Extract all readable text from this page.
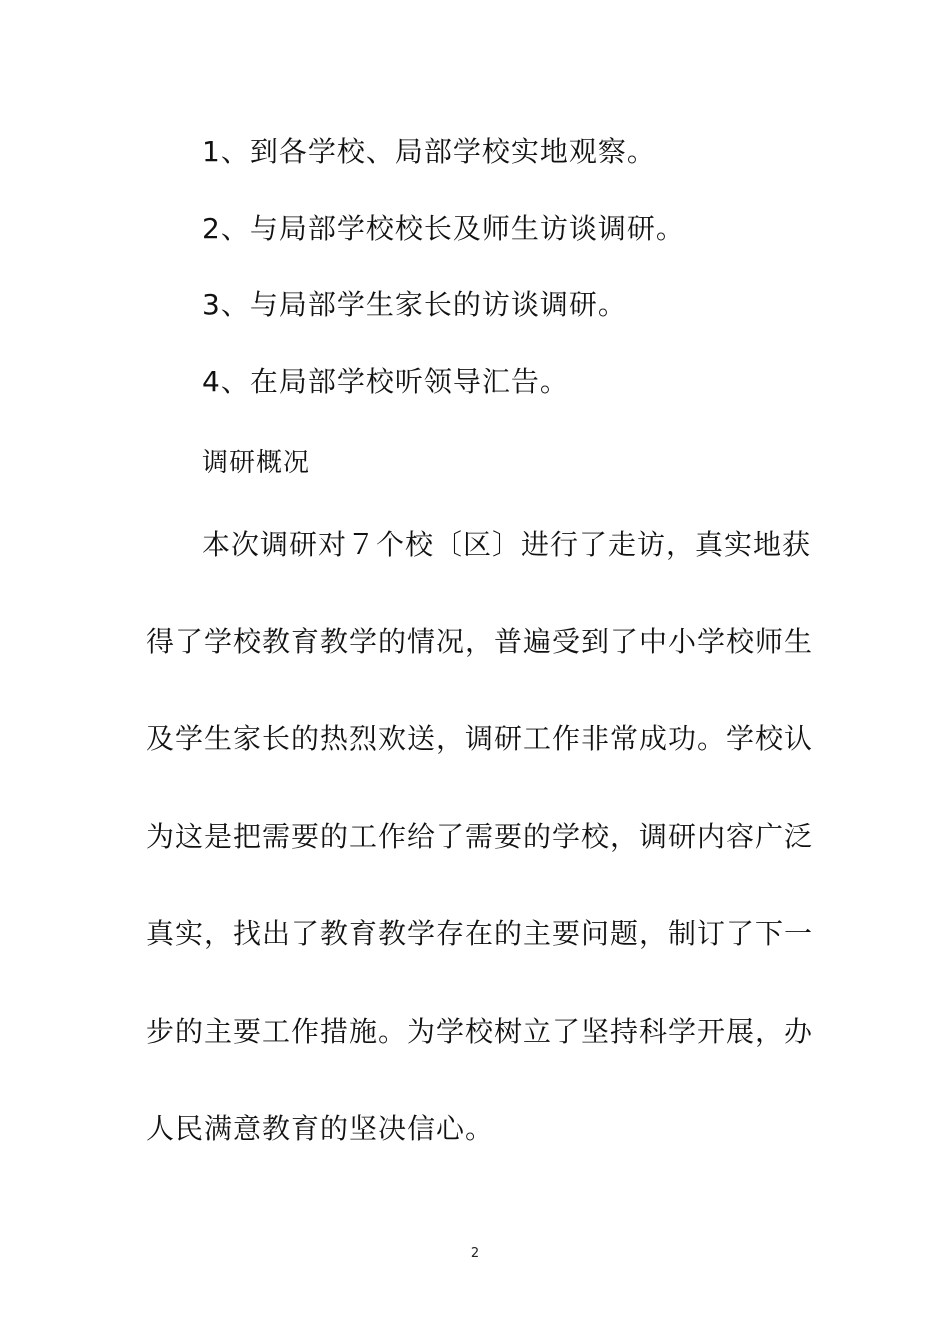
1、到各学校、局部学校实地观察。
2、与局部学校校长及师生访谈调研。
3、与局部学生家长的访谈调研。
4、在局部学校听领导汇告。
调研概况
本次调研对７个校〔区〕进行了走访，真实地获
得了学校教育教学的情况，普遍受到了中小学校师生
及学生家长的热烈欢送，调研工作非常成功。学校认
为这是把需要的工作给了需要的学校，调研内容广泛
真实，找出了教育教学存在的主要问题，制订了下一
步的主要工作措施。为学校树立了坚持科学开展，办
人民满意教育的坚决信心。
2
